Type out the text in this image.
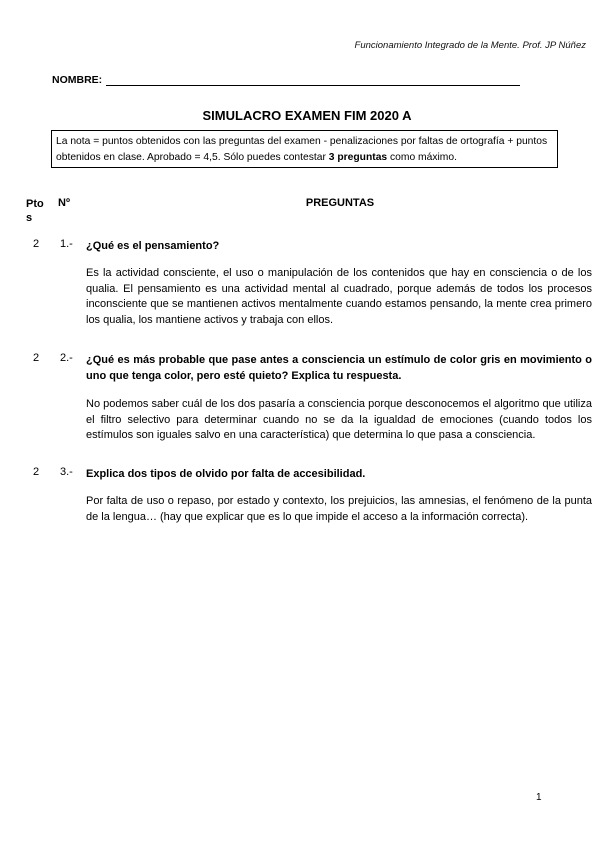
Funcionamiento Integrado de la Mente. Prof. JP Núñez
NOMBRE:
SIMULACRO EXAMEN FIM 2020 A
La nota = puntos obtenidos con las preguntas del examen - penalizaciones por faltas de ortografía + puntos obtenidos en clase. Aprobado = 4,5. Sólo puedes contestar 3 preguntas como máximo.
Pto s
Nº	PREGUNTAS
2 1.- ¿Qué es el pensamiento?
Es la actividad consciente, el uso o manipulación de los contenidos que hay en consciencia o de los qualia. El pensamiento es una actividad mental al cuadrado, porque además de todos los procesos inconsciente que se mantienen activos mentalmente cuando estamos pensando, la mente crea primero los qualia, los mantiene activos y trabaja con ellos.
2 2.- ¿Qué es más probable que pase antes a consciencia un estímulo de color gris en movimiento o uno que tenga color, pero esté quieto? Explica tu respuesta.
No podemos saber cuál de los dos pasaría a consciencia porque desconocemos el algoritmo que utiliza el filtro selectivo para determinar cuando no se da la igualdad de emociones (cuando todos los estímulos son iguales salvo en una característica) que determina lo que pasa a consciencia.
2 3.- Explica dos tipos de olvido por falta de accesibilidad.
Por falta de uso o repaso, por estado y contexto, los prejuicios, las amnesias, el fenómeno de la punta de la lengua… (hay que explicar que es lo que impide el acceso a la información correcta).
1
